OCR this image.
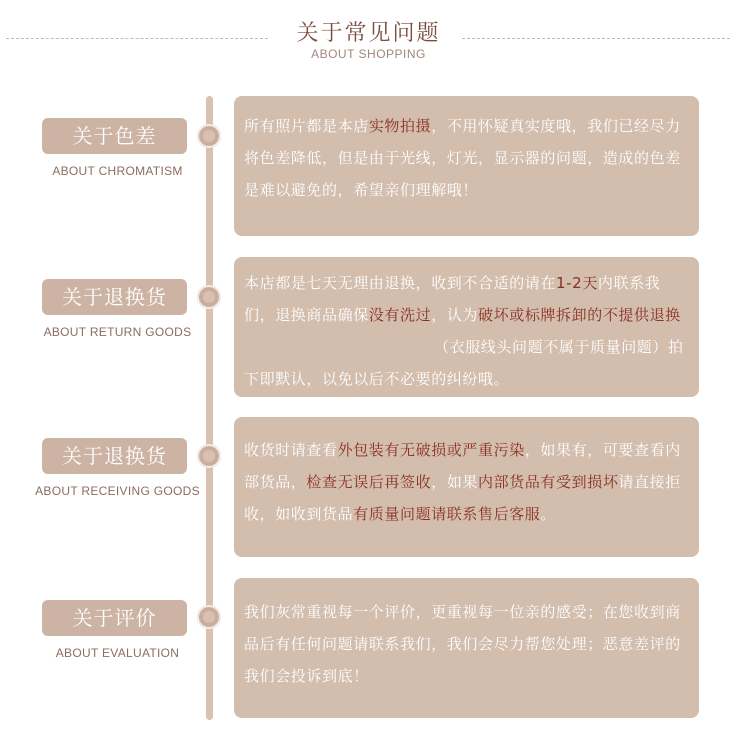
关于常见问题
ABOUT SHOPPING
关于色差
ABOUT CHROMATISM

所有照片都是本店实物拍摄，不用怀疑真实度哦，我们已经尽力将色差降低，但是由于光线，灯光，显示器的问题，造成的色差是难以避免的，希望亲们理解哦！

关于退换货
ABOUT RETURN GOODS

本店都是七天无理由退换，收到不合适的请在1-2天内联系我们，退换商品确保没有洗过，认为破坏或标牌拆卸的不提供退换（衣服线头问题不属于质量问题）拍下即默认，以免以后不必要的纠纷哦。

关于退换货
ABOUT RECEIVING GOODS

收货时请查看外包装有无破损或严重污染，如果有，可要查看内部货品，检查无误后再签收，如果内部货品有受到损坏请直接拒收，如收到货品有质量问题请联系售后客服。

关于评价
ABOUT EVALUATION

我们灰常重视每一个评价，更重视每一位亲的感受；在您收到商品后有任何问题请联系我们，我们会尽力帮您处理；恶意差评的我们会投诉到底！
